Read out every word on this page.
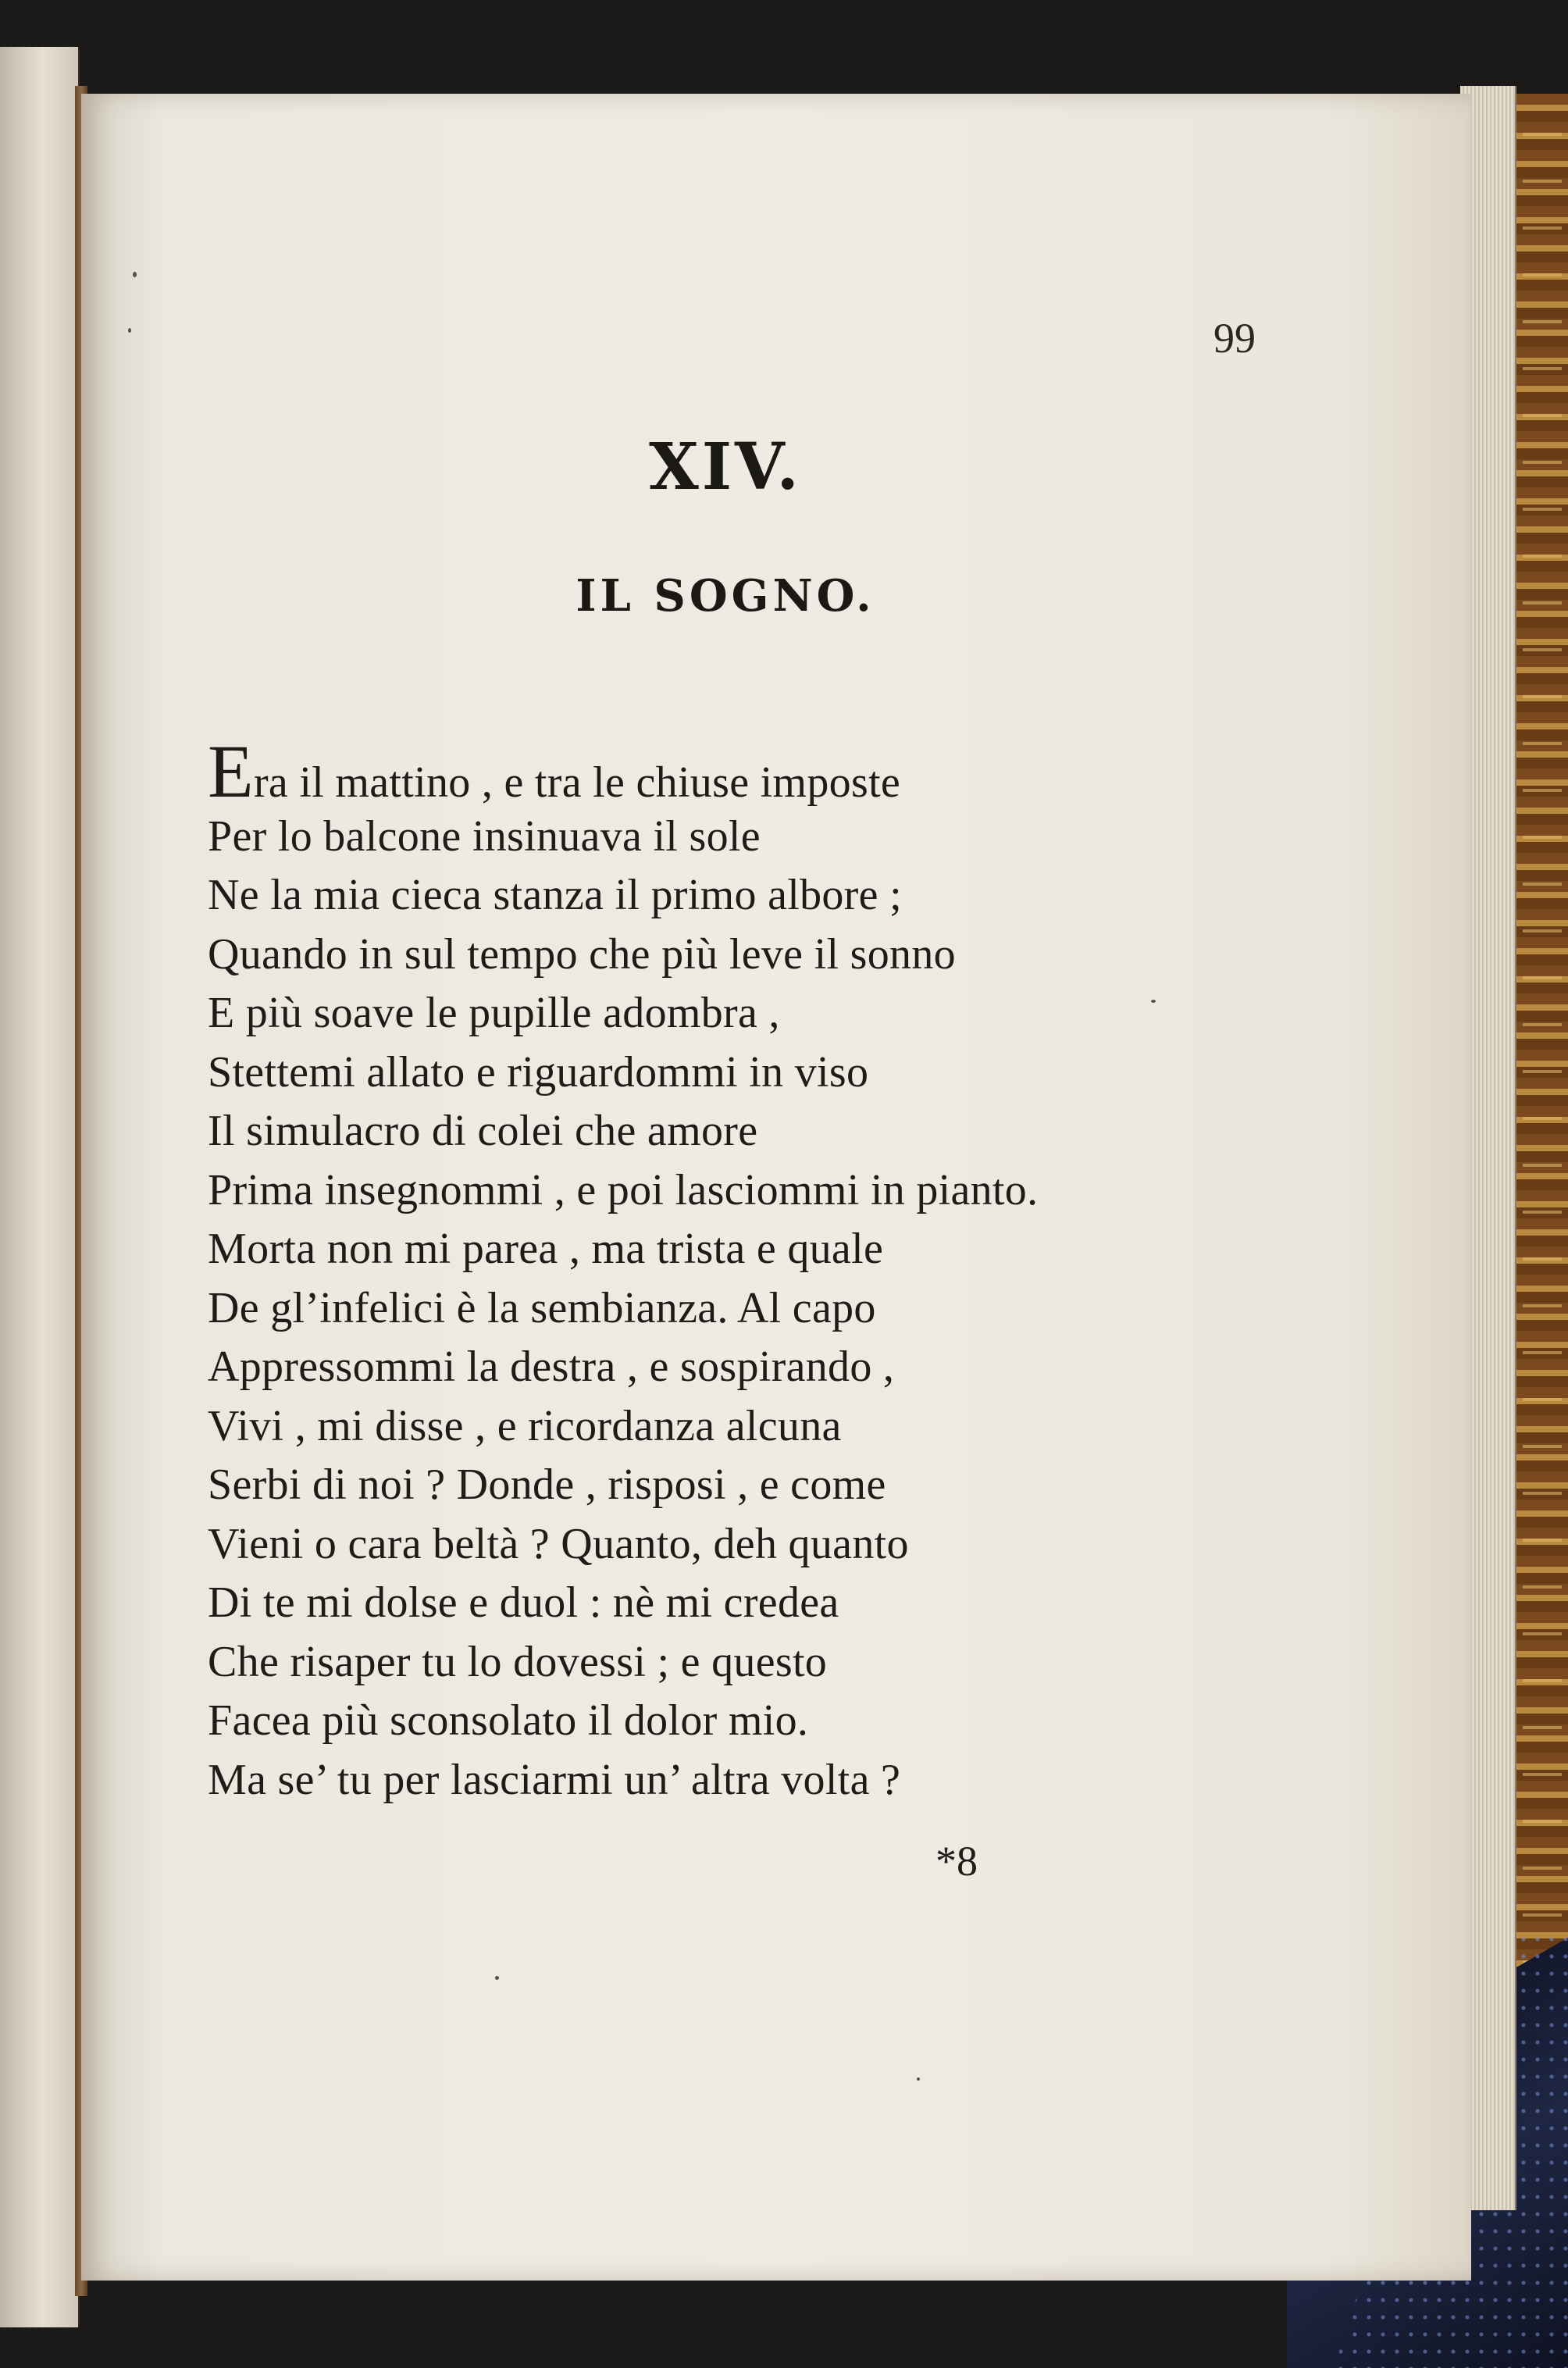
99
XIV.
IL SOGNO.
Era il mattino , e tra le chiuse imposte
Per lo balcone insinuava il sole
Ne la mia cieca stanza il primo albore ;
Quando in sul tempo che più leve il sonno
E più soave le pupille adombra ,
Stettemi allato e riguardommi in viso
Il simulacro di colei che amore
Prima insegnommi , e poi lasciommi in pianto.
Morta non mi parea , ma trista e quale
De gl’infelici è la sembianza. Al capo
Appressommi la destra , e sospirando ,
Vivi , mi disse , e ricordanza alcuna
Serbi di noi ? Donde , risposi , e come
Vieni o cara beltà ? Quanto, deh quanto
Di te mi dolse e duol : nè mi credea
Che risaper tu lo dovessi ; e questo
Facea più sconsolato il dolor mio.
Ma se’ tu per lasciarmi un’ altra volta ?
*8
